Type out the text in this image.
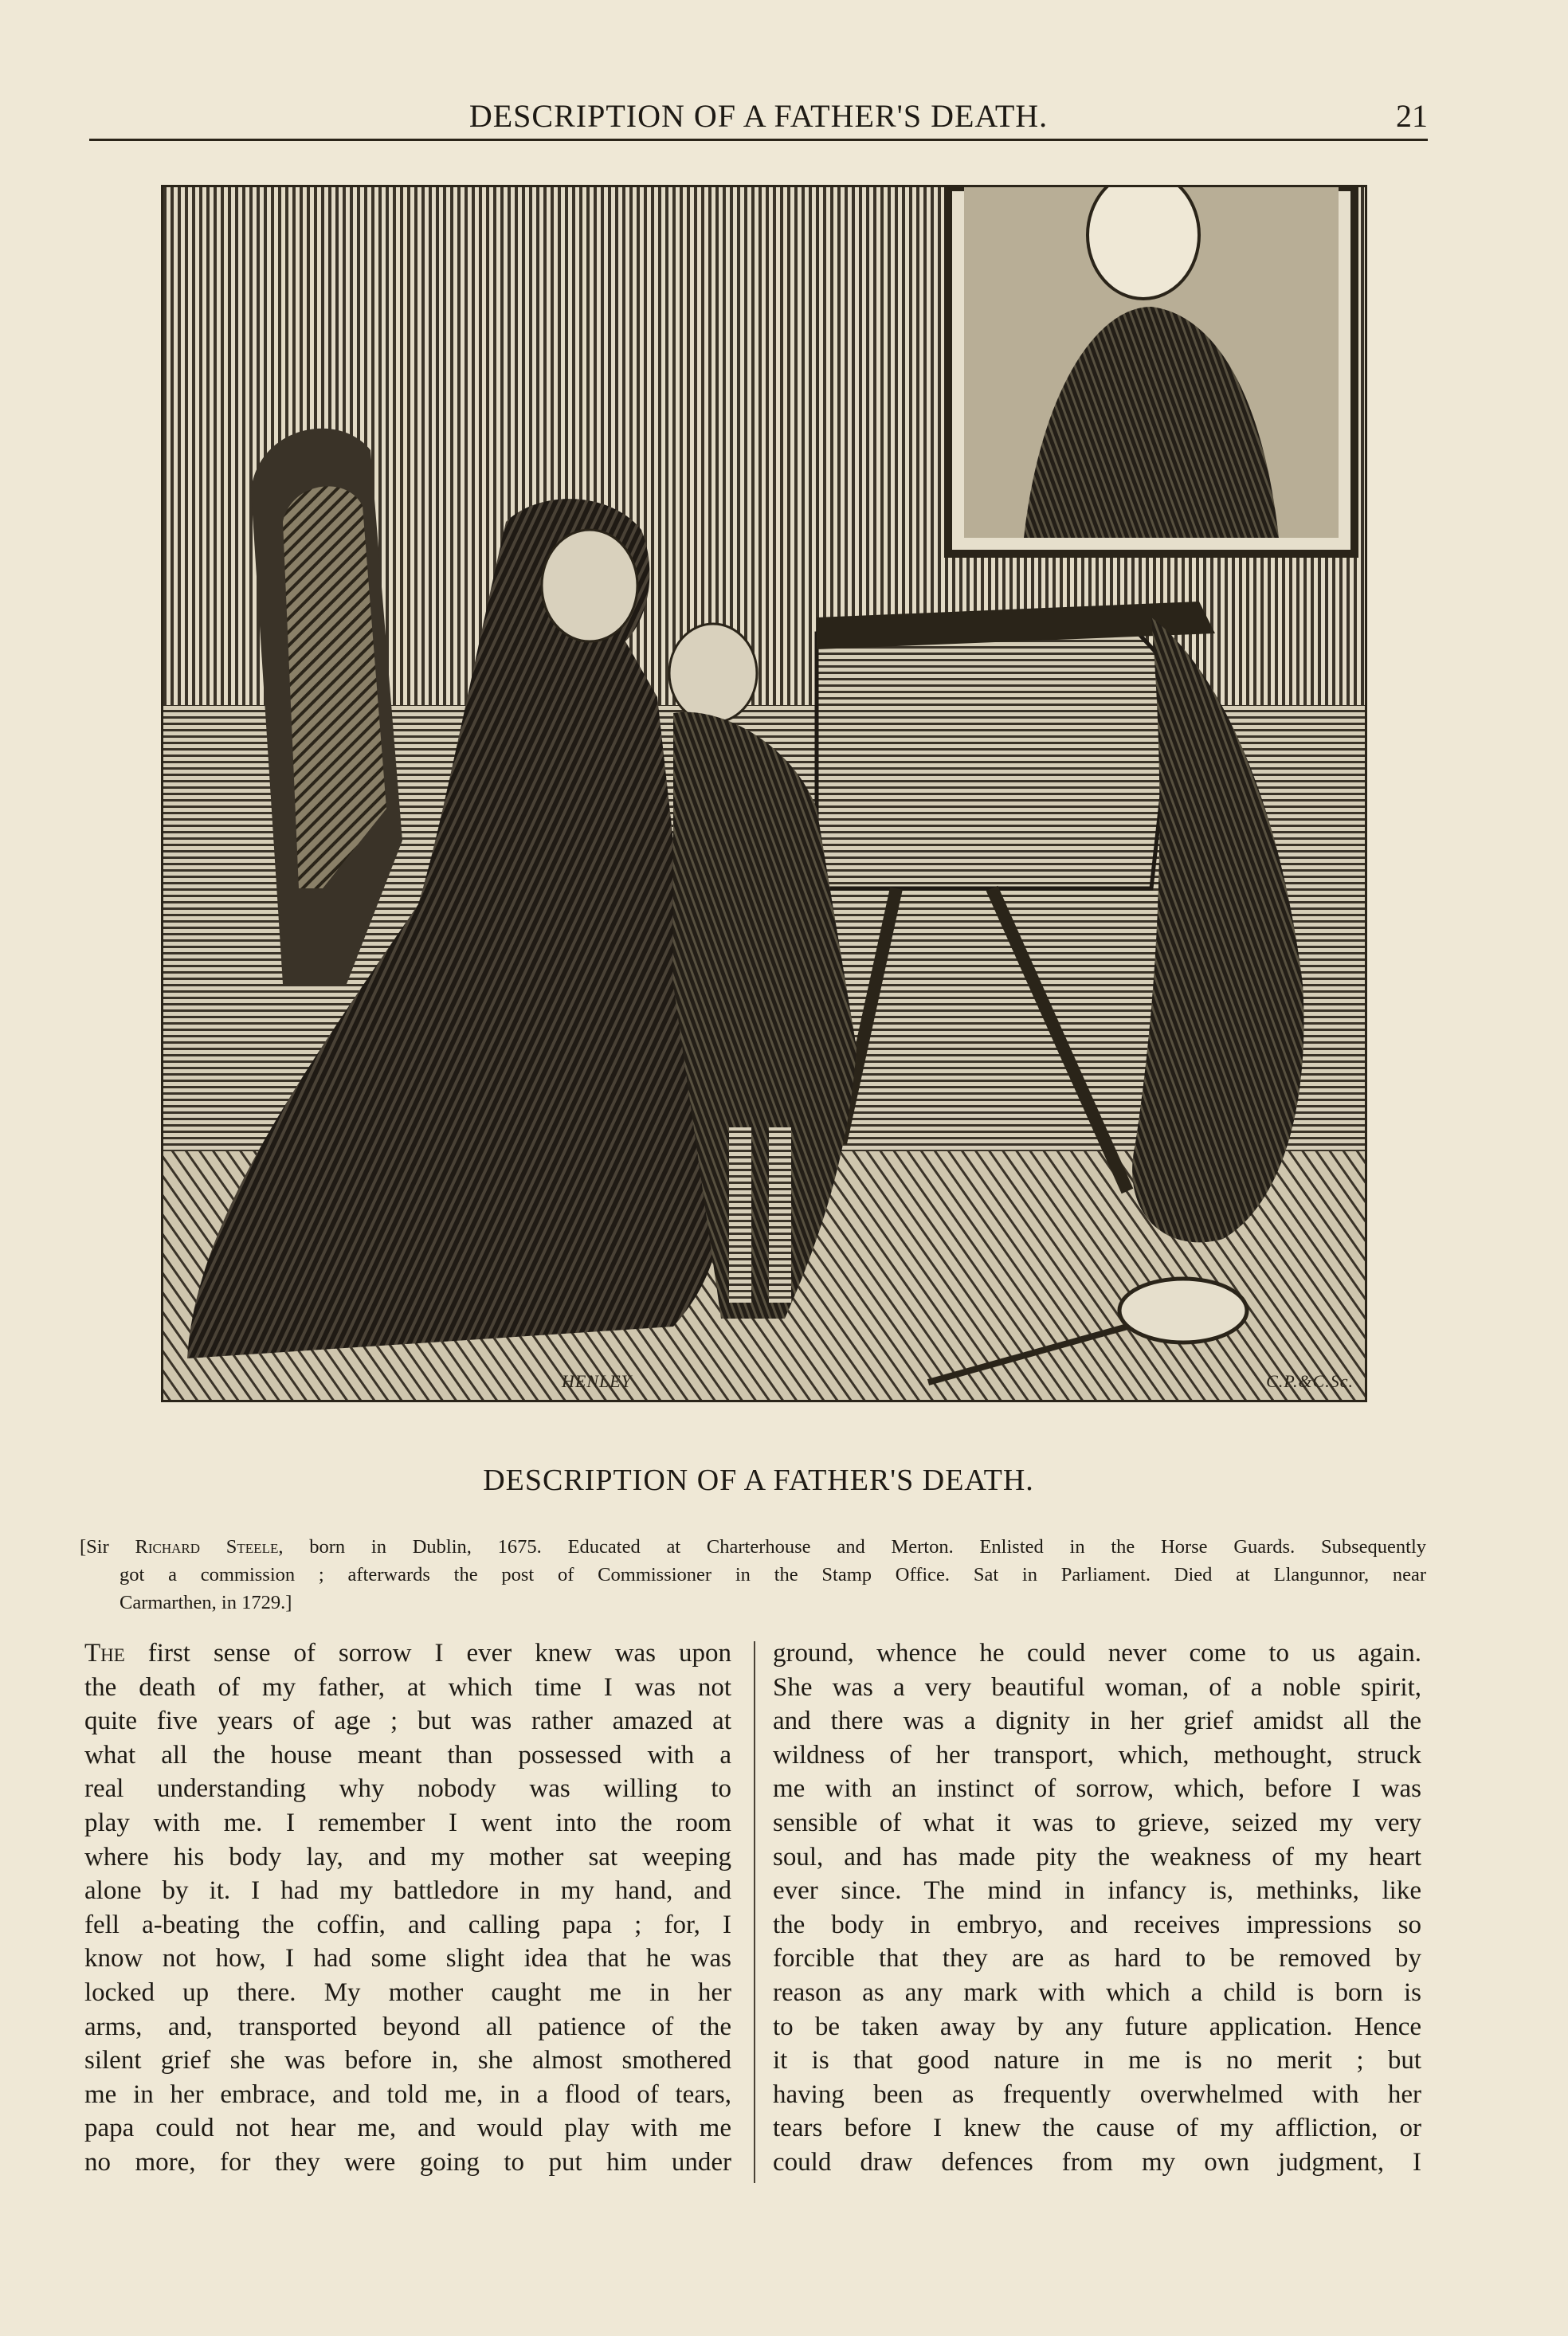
DESCRIPTION OF A FATHER'S DEATH.	21
HENLEY	C.P.&C.Sc.
DESCRIPTION OF A FATHER'S DEATH.
[Sir Richard Steele, born in Dublin, 1675. Educated at Charterhouse and Merton. Enlisted in the Horse Guards. Subsequently
got a commission ; afterwards the post of Commissioner in the Stamp Office. Sat in Parliament. Died at Llangunnor, near
Carmarthen, in 1729.]
The first sense of sorrow I ever knew was upon
the death of my father, at which time I was not
quite five years of age ; but was rather amazed at
what all the house meant than possessed with a
real understanding why nobody was willing to
play with me. I remember I went into the room
where his body lay, and my mother sat weeping
alone by it. I had my battledore in my hand, and
fell a-beating the coffin, and calling papa ; for, I
know not how, I had some slight idea that he was
locked up there. My mother caught me in her
arms, and, transported beyond all patience of the
silent grief she was before in, she almost smothered
me in her embrace, and told me, in a flood of tears,
papa could not hear me, and would play with me
no more, for they were going to put him under
ground, whence he could never come to us again.
She was a very beautiful woman, of a noble spirit,
and there was a dignity in her grief amidst all the
wildness of her transport, which, methought, struck
me with an instinct of sorrow, which, before I was
sensible of what it was to grieve, seized my very
soul, and has made pity the weakness of my heart
ever since. The mind in infancy is, methinks, like
the body in embryo, and receives impressions so
forcible that they are as hard to be removed by
reason as any mark with which a child is born is
to be taken away by any future application. Hence
it is that good nature in me is no merit ; but
having been as frequently overwhelmed with her
tears before I knew the cause of my affliction, or
could draw defences from my own judgment, I
